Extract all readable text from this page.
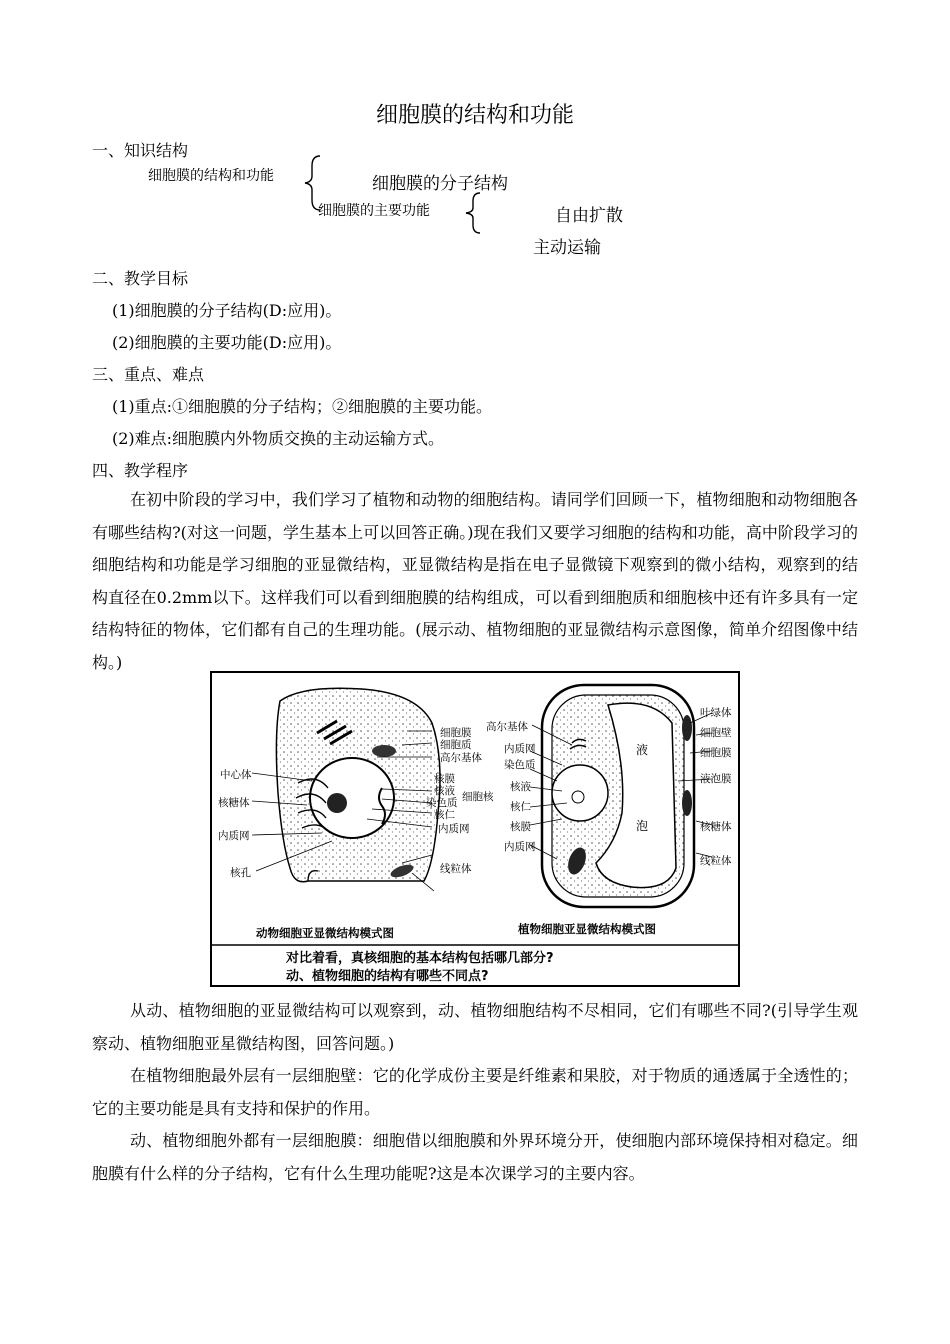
细胞膜的结构和功能
一、知识结构
细胞膜的结构和功能	细胞膜的分子结构
细胞膜的主要功能	自由扩散
主动运输
二、教学目标
(1)细胞膜的分子结构(D:应用)。
(2)细胞膜的主要功能(D:应用)。
三、重点、难点
(1)重点:①细胞膜的分子结构；②细胞膜的主要功能。
(2)难点:细胞膜内外物质交换的主动运输方式。
四、教学程序
在初中阶段的学习中，我们学习了植物和动物的细胞结构。请同学们回顾一下，植物细胞和动物细胞各有哪些结构?(对这一问题，学生基本上可以回答正确。)现在我们又要学习细胞的结构和功能，高中阶段学习的细胞结构和功能是学习细胞的亚显微结构，亚显微结构是指在电子显微镜下观察到的微小结构，观察到的结构直径在0.2mm以下。这样我们可以看到细胞膜的结构组成，可以看到细胞质和细胞核中还有许多具有一定结构特征的物体，它们都有自己的生理功能。(展示动、植物细胞的亚显微结构示意图像，简单介绍图像中结构。)
细胞膜
细胞质
高尔基体
中心体
核糖体
内质网
核孔
核膜
核液
染色质
核仁
细胞核
内质网
线粒体
高尔基体
内质网
染色质
核液
核仁
核膜
内质网
叶绿体
细胞壁
细胞膜
液泡膜
核糖体
线粒体
液
泡
动物细胞亚显微结构模式图	植物细胞亚显微结构模式图
对比着看，真核细胞的基本结构包括哪几部分?
动、植物细胞的结构有哪些不同点?
从动、植物细胞的亚显微结构可以观察到，动、植物细胞结构不尽相同，它们有哪些不同?(引导学生观察动、植物细胞亚星微结构图，回答问题。)
在植物细胞最外层有一层细胞壁：它的化学成份主要是纤维素和果胶，对于物质的通透属于全透性的；它的主要功能是具有支持和保护的作用。
动、植物细胞外都有一层细胞膜：细胞借以细胞膜和外界环境分开，使细胞内部环境保持相对稳定。细胞膜有什么样的分子结构，它有什么生理功能呢?这是本次课学习的主要内容。
